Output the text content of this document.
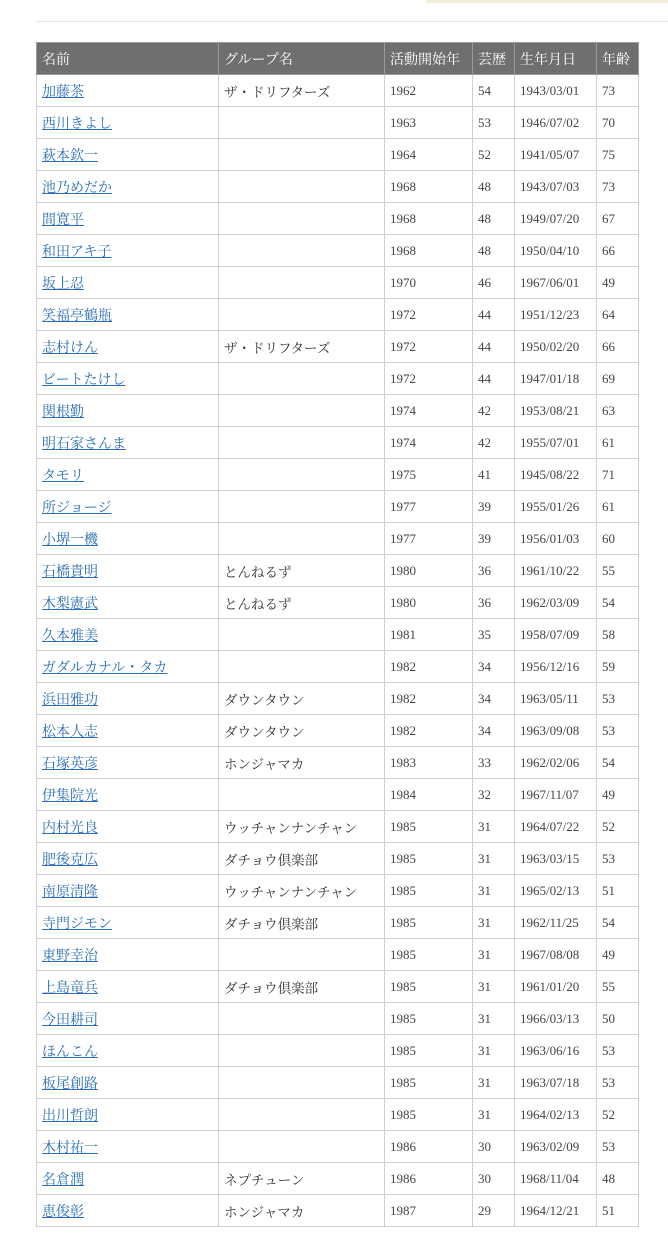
名前	グループ名	活動開始年	芸歴	生年月日	年齢
加藤茶	ザ・ドリフターズ	1962	54	1943/03/01	73
西川きよし		1963	53	1946/07/02	70
萩本欽一		1964	52	1941/05/07	75
池乃めだか		1968	48	1943/07/03	73
間寛平		1968	48	1949/07/20	67
和田アキ子		1968	48	1950/04/10	66
坂上忍		1970	46	1967/06/01	49
笑福亭鶴瓶		1972	44	1951/12/23	64
志村けん	ザ・ドリフターズ	1972	44	1950/02/20	66
ビートたけし		1972	44	1947/01/18	69
関根勤		1974	42	1953/08/21	63
明石家さんま		1974	42	1955/07/01	61
タモリ		1975	41	1945/08/22	71
所ジョージ		1977	39	1955/01/26	61
小堺一機		1977	39	1956/01/03	60
石橋貴明	とんねるず	1980	36	1961/10/22	55
木梨憲武	とんねるず	1980	36	1962/03/09	54
久本雅美		1981	35	1958/07/09	58
ガダルカナル・タカ		1982	34	1956/12/16	59
浜田雅功	ダウンタウン	1982	34	1963/05/11	53
松本人志	ダウンタウン	1982	34	1963/09/08	53
石塚英彦	ホンジャマカ	1983	33	1962/02/06	54
伊集院光		1984	32	1967/11/07	49
内村光良	ウッチャンナンチャン	1985	31	1964/07/22	52
肥後克広	ダチョウ倶楽部	1985	31	1963/03/15	53
南原清隆	ウッチャンナンチャン	1985	31	1965/02/13	51
寺門ジモン	ダチョウ倶楽部	1985	31	1962/11/25	54
東野幸治		1985	31	1967/08/08	49
上島竜兵	ダチョウ倶楽部	1985	31	1961/01/20	55
今田耕司		1985	31	1966/03/13	50
ほんこん		1985	31	1963/06/16	53
板尾創路		1985	31	1963/07/18	53
出川哲朗		1985	31	1964/02/13	52
木村祐一		1986	30	1963/02/09	53
名倉潤	ネプチューン	1986	30	1968/11/04	48
恵俊彰	ホンジャマカ	1987	29	1964/12/21	51
